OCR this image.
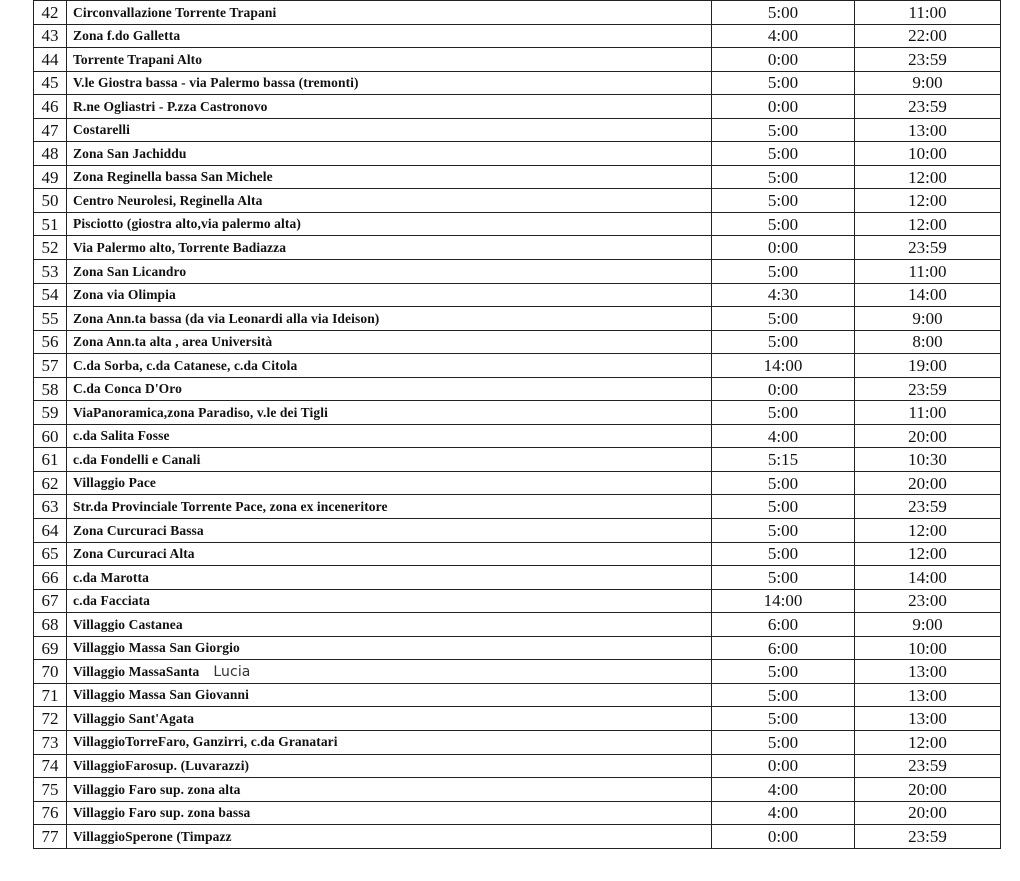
42	Circonvallazione Torrente Trapani	5:00	11:00
43	Zona f.do Galletta	4:00	22:00
44	Torrente Trapani Alto	0:00	23:59
45	V.le Giostra bassa - via Palermo bassa (tremonti)	5:00	9:00
46	R.ne Ogliastri - P.zza Castronovo	0:00	23:59
47	Costarelli	5:00	13:00
48	Zona San Jachiddu	5:00	10:00
49	Zona Reginella bassa San Michele	5:00	12:00
50	Centro Neurolesi, Reginella Alta	5:00	12:00
51	Pisciotto (giostra alto,via palermo alta)	5:00	12:00
52	Via Palermo alto, Torrente Badiazza	0:00	23:59
53	Zona San Licandro	5:00	11:00
54	Zona via Olimpia	4:30	14:00
55	Zona Ann.ta bassa (da via Leonardi alla via Ideison)	5:00	9:00
56	Zona Ann.ta alta , area Università	5:00	8:00
57	C.da Sorba, c.da Catanese, c.da Citola	14:00	19:00
58	C.da Conca D'Oro	0:00	23:59
59	ViaPanoramica,zona Paradiso, v.le dei Tigli	5:00	11:00
60	c.da Salita Fosse	4:00	20:00
61	c.da Fondelli e Canali	5:15	10:30
62	Villaggio Pace	5:00	20:00
63	Str.da Provinciale Torrente Pace, zona ex inceneritore	5:00	23:59
64	Zona Curcuraci Bassa	5:00	12:00
65	Zona Curcuraci Alta	5:00	12:00
66	c.da Marotta	5:00	14:00
67	c.da Facciata	14:00	23:00
68	Villaggio Castanea	6:00	9:00
69	Villaggio Massa San Giorgio	6:00	10:00
70	Villaggio MassaSanta Lucia	5:00	13:00
71	Villaggio Massa San Giovanni	5:00	13:00
72	Villaggio Sant'Agata	5:00	13:00
73	VillaggioTorreFaro, Ganzirri, c.da Granatari	5:00	12:00
74	VillaggioFarosup. (Luvarazzi)	0:00	23:59
75	Villaggio Faro sup. zona alta	4:00	20:00
76	Villaggio Faro sup. zona bassa	4:00	20:00
77	VillaggioSperone (Timpazz	0:00	23:59
